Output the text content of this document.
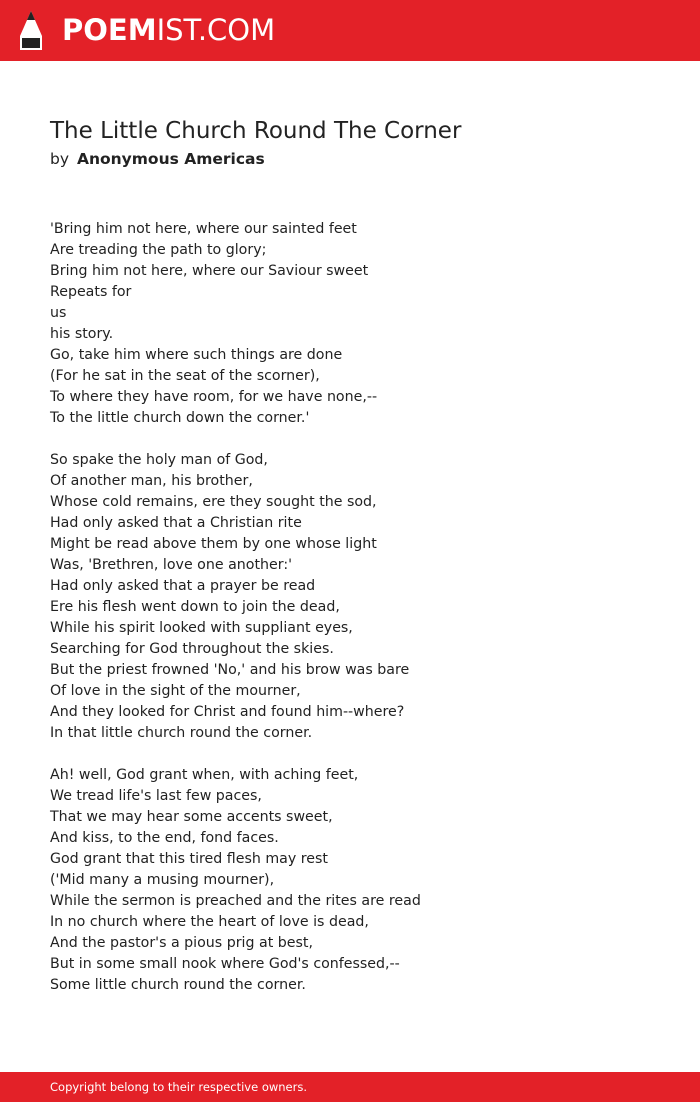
POEMIST.COM
The Little Church Round The Corner
by Anonymous Americas
'Bring him not here, where our sainted feet
Are treading the path to glory;
Bring him not here, where our Saviour sweet
Repeats for
us
his story.
Go, take him where such things are done
(For he sat in the seat of the scorner),
To where they have room, for we have none,--
To the little church down the corner.'
So spake the holy man of God,
Of another man, his brother,
Whose cold remains, ere they sought the sod,
Had only asked that a Christian rite
Might be read above them by one whose light
Was, 'Brethren, love one another:'
Had only asked that a prayer be read
Ere his flesh went down to join the dead,
While his spirit looked with suppliant eyes,
Searching for God throughout the skies.
But the priest frowned 'No,' and his brow was bare
Of love in the sight of the mourner,
And they looked for Christ and found him--where?
In that little church round the corner.
Ah! well, God grant when, with aching feet,
We tread life's last few paces,
That we may hear some accents sweet,
And kiss, to the end, fond faces.
God grant that this tired flesh may rest
('Mid many a musing mourner),
While the sermon is preached and the rites are read
In no church where the heart of love is dead,
And the pastor's a pious prig at best,
But in some small nook where God's confessed,--
Some little church round the corner.
Copyright belong to their respective owners.
